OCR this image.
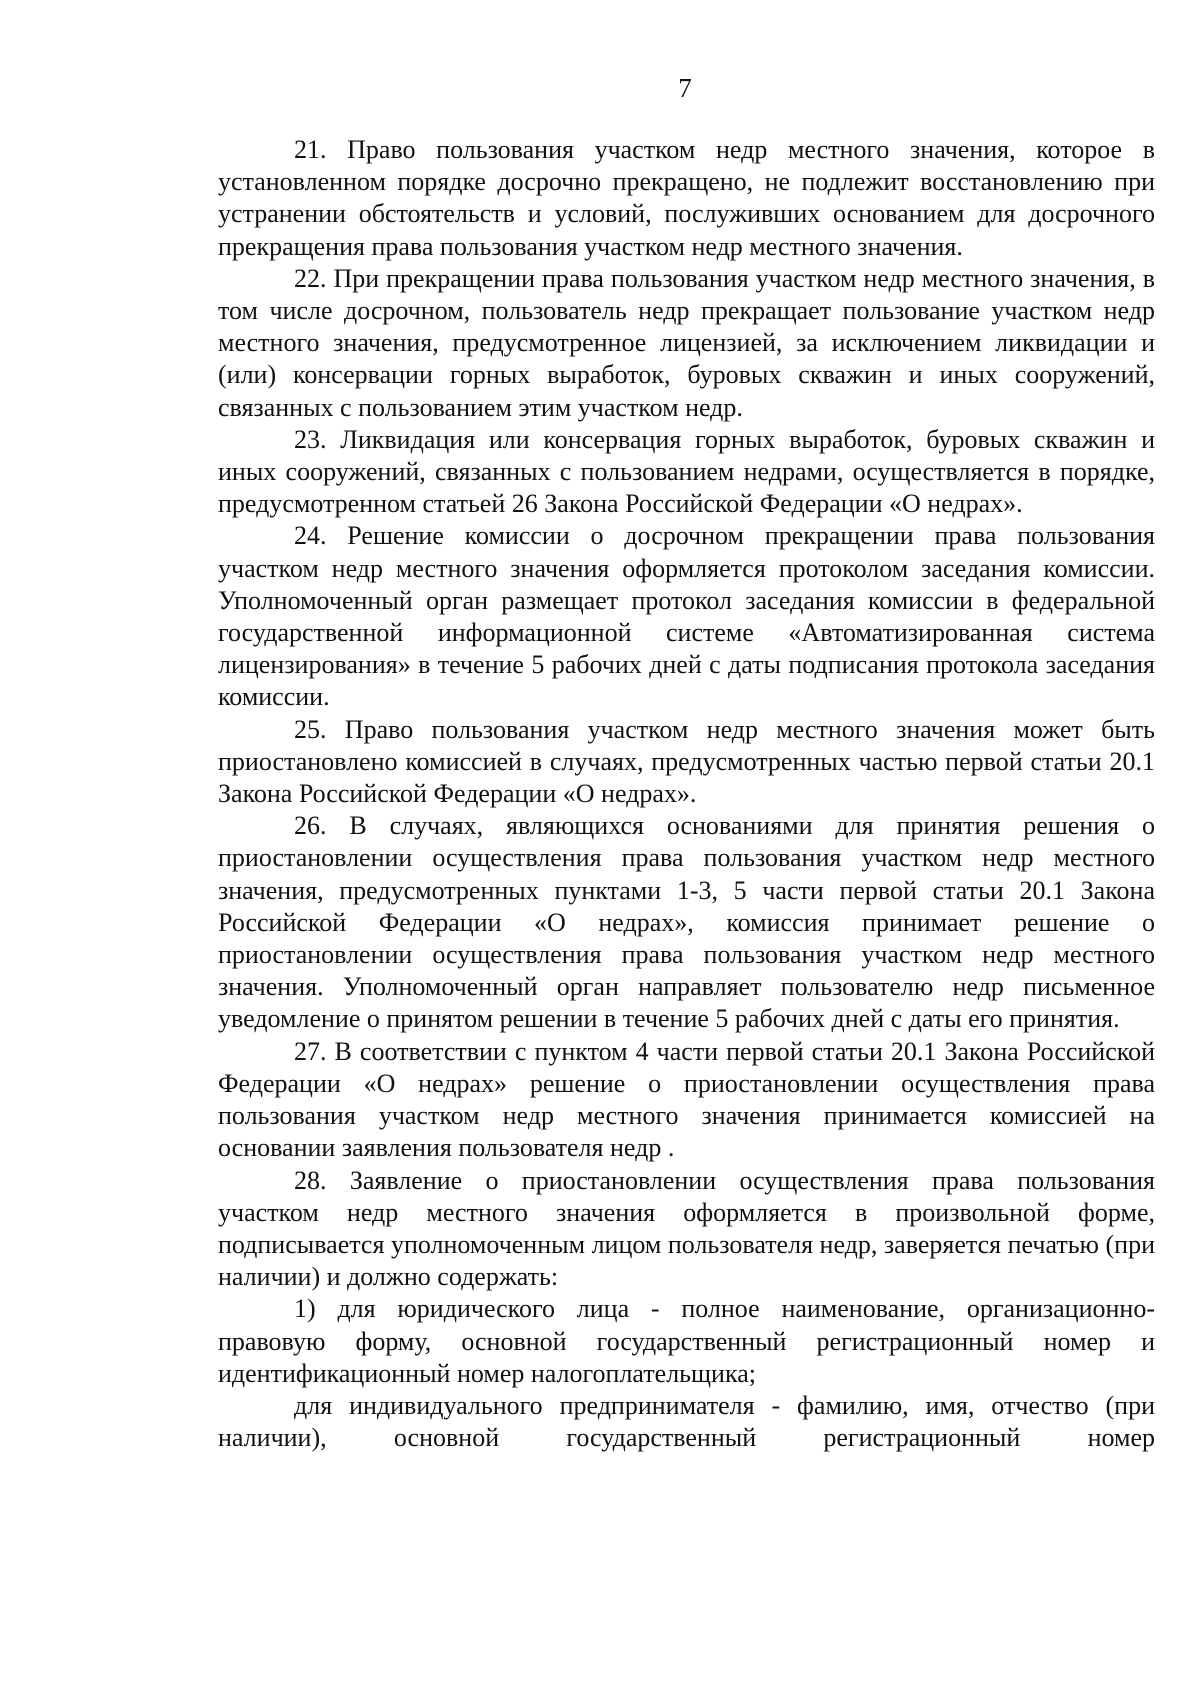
7

21. Право пользования участком недр местного значения, которое в установленном порядке досрочно прекращено, не подлежит восстановлению при устранении обстоятельств и условий, послуживших основанием для досрочного прекращения права пользования участком недр местного значения.

22. При прекращении права пользования участком недр местного значения, в том числе досрочном, пользователь недр прекращает пользование участком недр местного значения, предусмотренное лицензией, за исключением ликвидации и (или) консервации горных выработок, буровых скважин и иных сооружений, связанных с пользованием этим участком недр.

23. Ликвидация или консервация горных выработок, буровых скважин и иных сооружений, связанных с пользованием недрами, осуществляется в порядке, предусмотренном статьей 26 Закона Российской Федерации «О недрах».

24. Решение комиссии о досрочном прекращении права пользования участком недр местного значения оформляется протоколом заседания комиссии. Уполномоченный орган размещает протокол заседания комиссии в федеральной государственной информационной системе «Автоматизированная система лицензирования» в течение 5 рабочих дней с даты подписания протокола заседания комиссии.

25. Право пользования участком недр местного значения может быть приостановлено комиссией в случаях, предусмотренных частью первой статьи 20.1 Закона Российской Федерации «О недрах».

26. В случаях, являющихся основаниями для принятия решения о приостановлении осуществления права пользования участком недр местного значения, предусмотренных пунктами 1-3, 5 части первой статьи 20.1 Закона Российской Федерации «О недрах», комиссия принимает решение о приостановлении осуществления права пользования участком недр местного значения. Уполномоченный орган направляет пользователю недр письменное уведомление о принятом решении в течение 5 рабочих дней с даты его принятия.

27. В соответствии с пунктом 4 части первой статьи 20.1 Закона Российской Федерации «О недрах» решение о приостановлении осуществления права пользования участком недр местного значения принимается комиссией на основании заявления пользователя недр .

28. Заявление о приостановлении осуществления права пользования участком недр местного значения оформляется в произвольной форме, подписывается уполномоченным лицом пользователя недр, заверяется печатью (при наличии) и должно содержать:

1) для юридического лица - полное наименование, организационно-правовую форму, основной государственный регистрационный номер и идентификационный номер налогоплательщика;

для индивидуального предпринимателя - фамилию, имя, отчество (при наличии), основной государственный регистрационный номер
